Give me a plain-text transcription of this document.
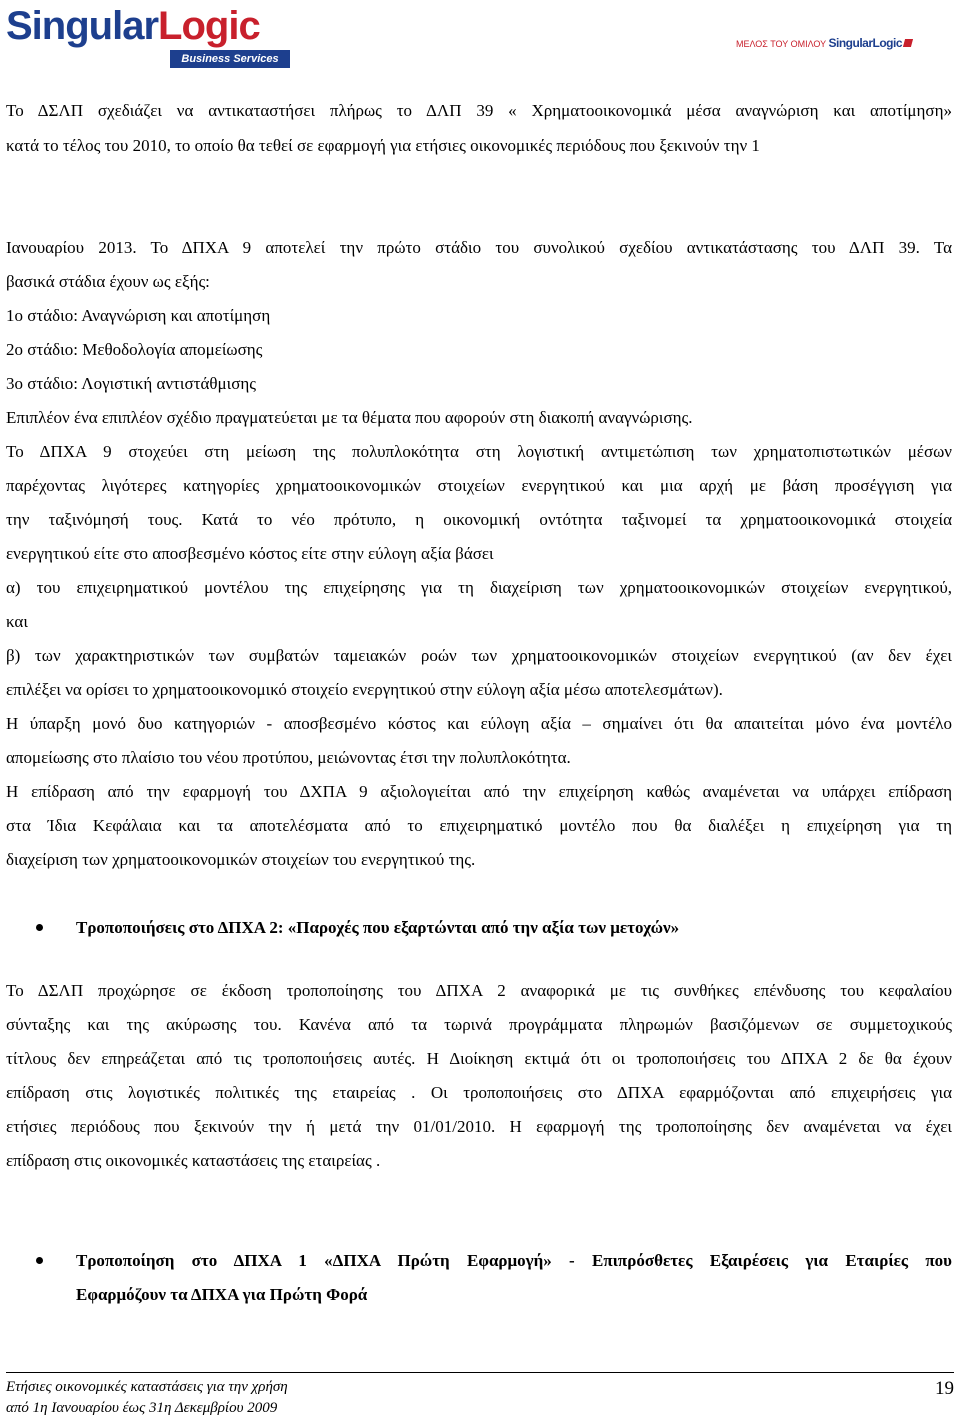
SingularLogic
Business Services
ΜΕΛΟΣ ΤΟΥ ΟΜΙΛΟΥ SingularLogic
Το ΔΣΛΠ σχεδιάζει να αντικαταστήσει πλήρως το ΔΛΠ 39 « Χρηματοοικονομικά μέσα αναγνώριση και αποτίμηση»
κατά το τέλος του 2010, το οποίο θα τεθεί σε εφαρμογή για ετήσιες οικονομικές περιόδους που ξεκινούν την 1
Ιανουαρίου 2013. Το ΔΠΧΑ 9 αποτελεί την πρώτο στάδιο του συνολικού σχεδίου αντικατάστασης του ΔΛΠ 39. Τα
βασικά στάδια έχουν ως εξής:
1ο στάδιο: Αναγνώριση και αποτίμηση
2ο στάδιο: Μεθοδολογία απομείωσης
3ο στάδιο: Λογιστική αντιστάθμισης
Επιπλέον ένα επιπλέον σχέδιο πραγματεύεται με τα θέματα που αφορούν στη διακοπή αναγνώρισης.
Το ΔΠΧΑ 9 στοχεύει στη μείωση της πολυπλοκότητα στη λογιστική αντιμετώπιση των χρηματοπιστωτικών μέσων
παρέχοντας λιγότερες κατηγορίες χρηματοοικονομικών στοιχείων ενεργητικού και μια αρχή με βάση προσέγγιση για
την ταξινόμησή τους. Κατά το νέο πρότυπο, η οικονομική οντότητα ταξινομεί τα χρηματοοικονομικά στοιχεία
ενεργητικού είτε στο αποσβεσμένο κόστος είτε στην εύλογη αξία βάσει
α) του επιχειρηματικού μοντέλου της επιχείρησης για τη διαχείριση των χρηματοοικονομικών στοιχείων ενεργητικού,
και
β) των χαρακτηριστικών των συμβατών ταμειακών ροών των χρηματοοικονομικών στοιχείων ενεργητικού (αν δεν έχει
επιλέξει να ορίσει το χρηματοοικονομικό στοιχείο ενεργητικού στην εύλογη αξία μέσω αποτελεσμάτων).
Η ύπαρξη μονό δυο κατηγοριών - αποσβεσμένο κόστος και εύλογη αξία – σημαίνει ότι θα απαιτείται μόνο ένα μοντέλο
απομείωσης στο πλαίσιο του νέου προτύπου, μειώνοντας έτσι την πολυπλοκότητα.
Η επίδραση από την εφαρμογή του ΔΧΠΑ 9 αξιολογιείται από την επιχείρηση καθώς αναμένεται να υπάρχει επίδραση
στα Ίδια Κεφάλαια και τα αποτελέσματα από το επιχειρηματικό μοντέλο που θα διαλέξει η επιχείρηση για τη
διαχείριση των χρηματοοικονομικών στοιχείων του ενεργητικού της.
Τροποποιήσεις στο ΔΠΧΑ 2: «Παροχές που εξαρτώνται από την αξία των μετοχών»
Το ΔΣΛΠ προχώρησε σε έκδοση τροποποίησης του ΔΠΧΑ 2 αναφορικά με τις συνθήκες επένδυσης του κεφαλαίου
σύνταξης και της ακύρωσης του. Κανένα από τα τωρινά προγράμματα πληρωμών βασιζόμενων σε συμμετοχικούς
τίτλους δεν επηρεάζεται από τις τροποποιήσεις αυτές. Η Διοίκηση εκτιμά ότι οι τροποποιήσεις του ΔΠΧΑ 2 δε θα έχουν
επίδραση στις λογιστικές πολιτικές της εταιρείας . Οι τροποποιήσεις στο ΔΠΧΑ εφαρμόζονται από επιχειρήσεις για
ετήσιες περιόδους που ξεκινούν την ή μετά την 01/01/2010. Η εφαρμογή της τροποποίησης δεν αναμένεται να έχει
επίδραση στις οικονομικές καταστάσεις της εταιρείας .
Τροποποίηση στο ΔΠΧΑ 1 «ΔΠΧΑ Πρώτη Εφαρμογή» - Επιπρόσθετες Εξαιρέσεις για Εταιρίες που
Εφαρμόζουν τα ΔΠΧΑ για Πρώτη Φορά
Ετήσιες οικονομικές καταστάσεις για την χρήση
από 1η Ιανουαρίου έως 31η Δεκεμβρίου 2009
19
